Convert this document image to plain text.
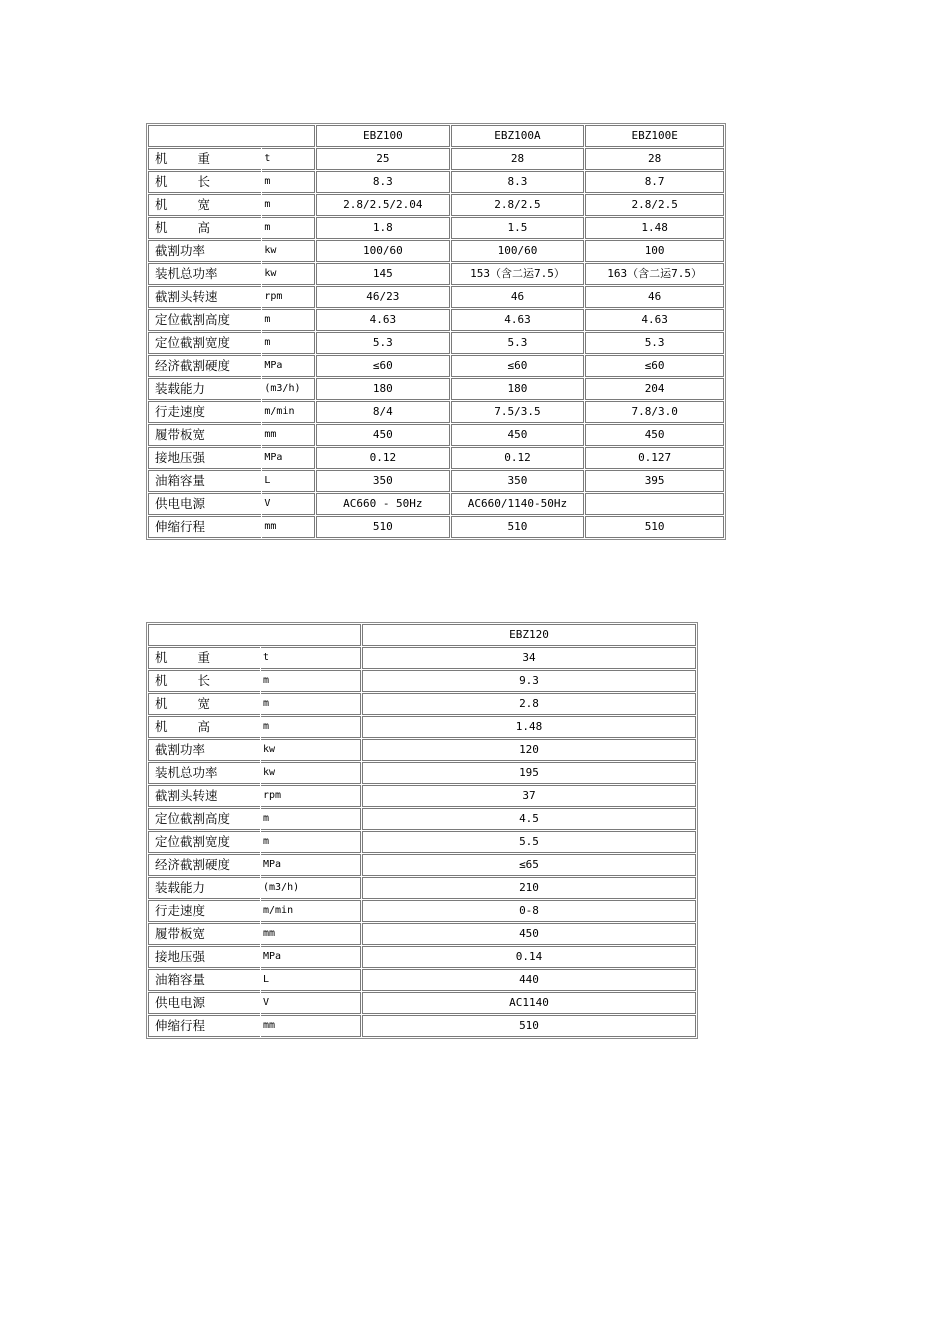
		EBZ100	EBZ100A	EBZ100E
机 重	t	25	28	28
机 长	m	8.3	8.3	8.7
机 宽	m	2.8/2.5/2.04	2.8/2.5	2.8/2.5
机 高	m	1.8	1.5	1.48
截割功率	kw	100/60	100/60	100
装机总功率	kw	145	153（含二运7.5）	163（含二运7.5）
截割头转速	rpm	46/23	46	46
定位截割高度	m	4.63	4.63	4.63
定位截割宽度	m	5.3	5.3	5.3
经济截割硬度	MPa	≤60	≤60	≤60
装载能力	(m3/h)	180	180	204
行走速度	m/min	8/4	7.5/3.5	7.8/3.0
履带板宽	mm	450	450	450
接地压强	MPa	0.12	0.12	0.127
油箱容量	L	350	350	395
供电电源	V	AC660 - 50Hz	AC660/1140-50Hz	
伸缩行程	mm	510	510	510
		EBZ120
机 重	t	34
机 长	m	9.3
机 宽	m	2.8
机 高	m	1.48
截割功率	kw	120
装机总功率	kw	195
截割头转速	rpm	37
定位截割高度	m	4.5
定位截割宽度	m	5.5
经济截割硬度	MPa	≤65
装载能力	(m3/h)	210
行走速度	m/min	0-8
履带板宽	mm	450
接地压强	MPa	0.14
油箱容量	L	440
供电电源	V	AC1140
伸缩行程	mm	510
